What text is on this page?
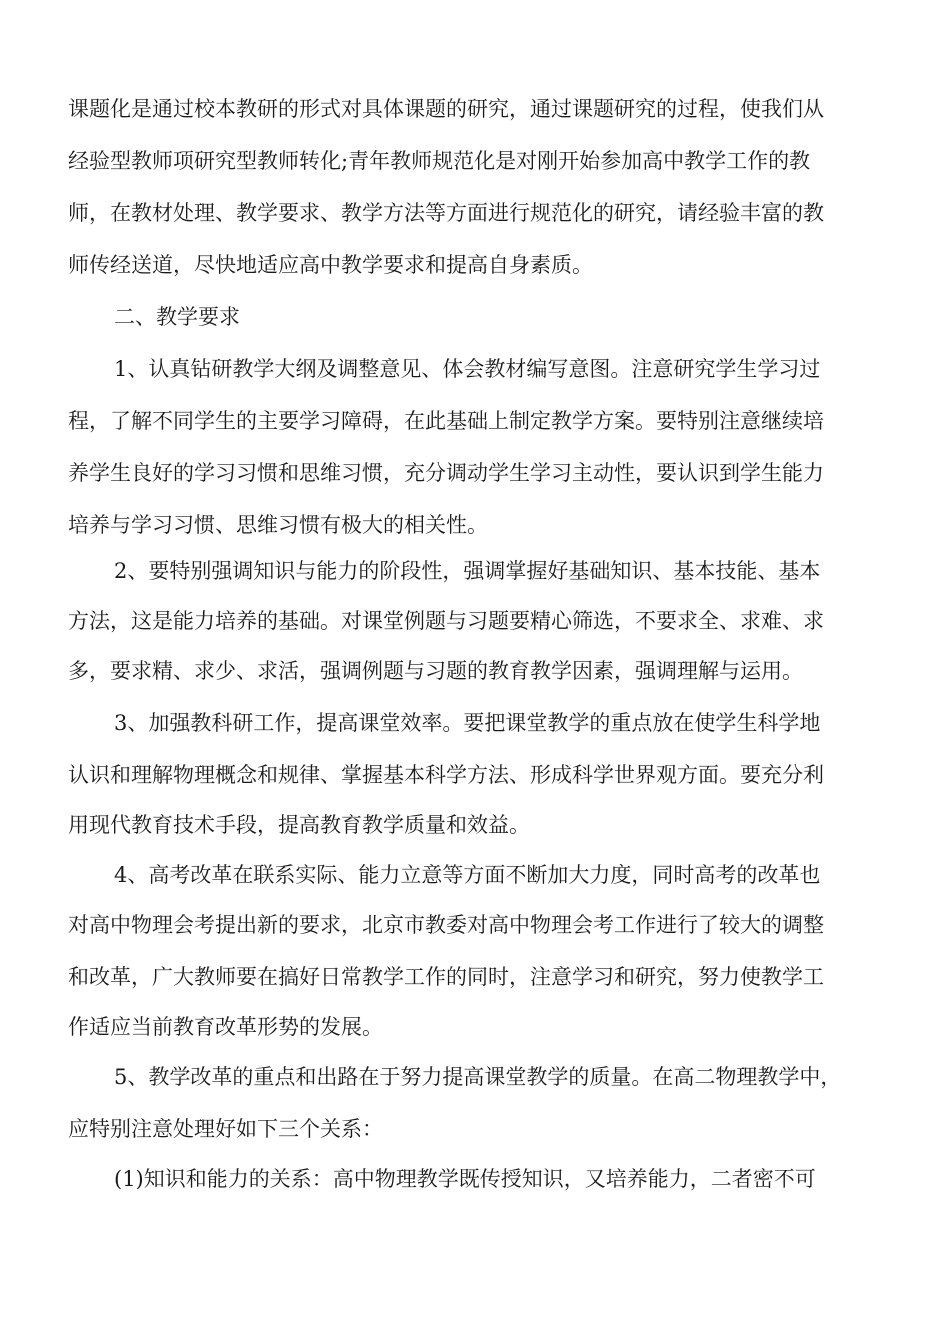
课题化是通过校本教研的形式对具体课题的研究，通过课题研究的过程，使我们从
经验型教师项研究型教师转化;青年教师规范化是对刚开始参加高中教学工作的教
师，在教材处理、教学要求、教学方法等方面进行规范化的研究，请经验丰富的教
师传经送道，尽快地适应高中教学要求和提高自身素质。
二、教学要求
1、认真钻研教学大纲及调整意见、体会教材编写意图。注意研究学生学习过
程，了解不同学生的主要学习障碍，在此基础上制定教学方案。要特别注意继续培
养学生良好的学习习惯和思维习惯，充分调动学生学习主动性，要认识到学生能力
培养与学习习惯、思维习惯有极大的相关性。
2、要特别强调知识与能力的阶段性，强调掌握好基础知识、基本技能、基本
方法，这是能力培养的基础。对课堂例题与习题要精心筛选，不要求全、求难、求
多，要求精、求少、求活，强调例题与习题的教育教学因素，强调理解与运用。
3、加强教科研工作，提高课堂效率。要把课堂教学的重点放在使学生科学地
认识和理解物理概念和规律、掌握基本科学方法、形成科学世界观方面。要充分利
用现代教育技术手段，提高教育教学质量和效益。
4、高考改革在联系实际、能力立意等方面不断加大力度，同时高考的改革也
对高中物理会考提出新的要求，北京市教委对高中物理会考工作进行了较大的调整
和改革，广大教师要在搞好日常教学工作的同时，注意学习和研究，努力使教学工
作适应当前教育改革形势的发展。
5、教学改革的重点和出路在于努力提高课堂教学的质量。在高二物理教学中，
应特别注意处理好如下三个关系：
(1)知识和能力的关系：高中物理教学既传授知识，又培养能力，二者密不可
